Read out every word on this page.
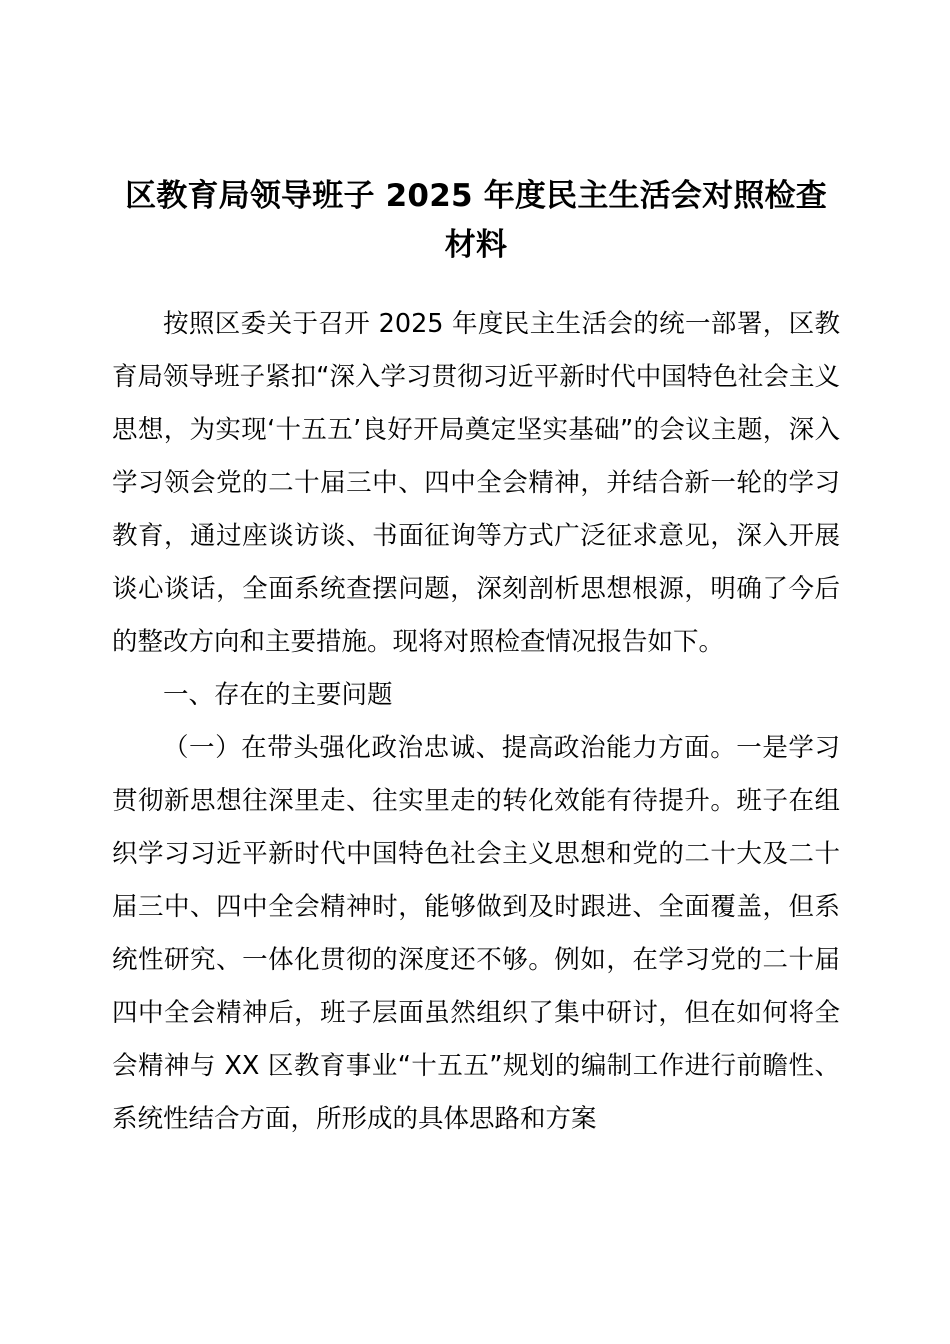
区教育局领导班子 2025 年度民主生活会对照检查材料

按照区委关于召开 2025 年度民主生活会的统一部署，区教育局领导班子紧扣“深入学习贯彻习近平新时代中国特色社会主义思想，为实现‘十五五’良好开局奠定坚实基础”的会议主题，深入学习领会党的二十届三中、四中全会精神，并结合新一轮的学习教育，通过座谈访谈、书面征询等方式广泛征求意见，深入开展谈心谈话，全面系统查摆问题，深刻剖析思想根源，明确了今后的整改方向和主要措施。现将对照检查情况报告如下。

一、存在的主要问题

（一）在带头强化政治忠诚、提高政治能力方面。一是学习贯彻新思想往深里走、往实里走的转化效能有待提升。班子在组织学习习近平新时代中国特色社会主义思想和党的二十大及二十届三中、四中全会精神时，能够做到及时跟进、全面覆盖，但系统性研究、一体化贯彻的深度还不够。例如，在学习党的二十届四中全会精神后，班子层面虽然组织了集中研讨，但在如何将全会精神与 XX 区教育事业“十五五”规划的编制工作进行前瞻性、系统性结合方面，所形成的具体思路和方案
